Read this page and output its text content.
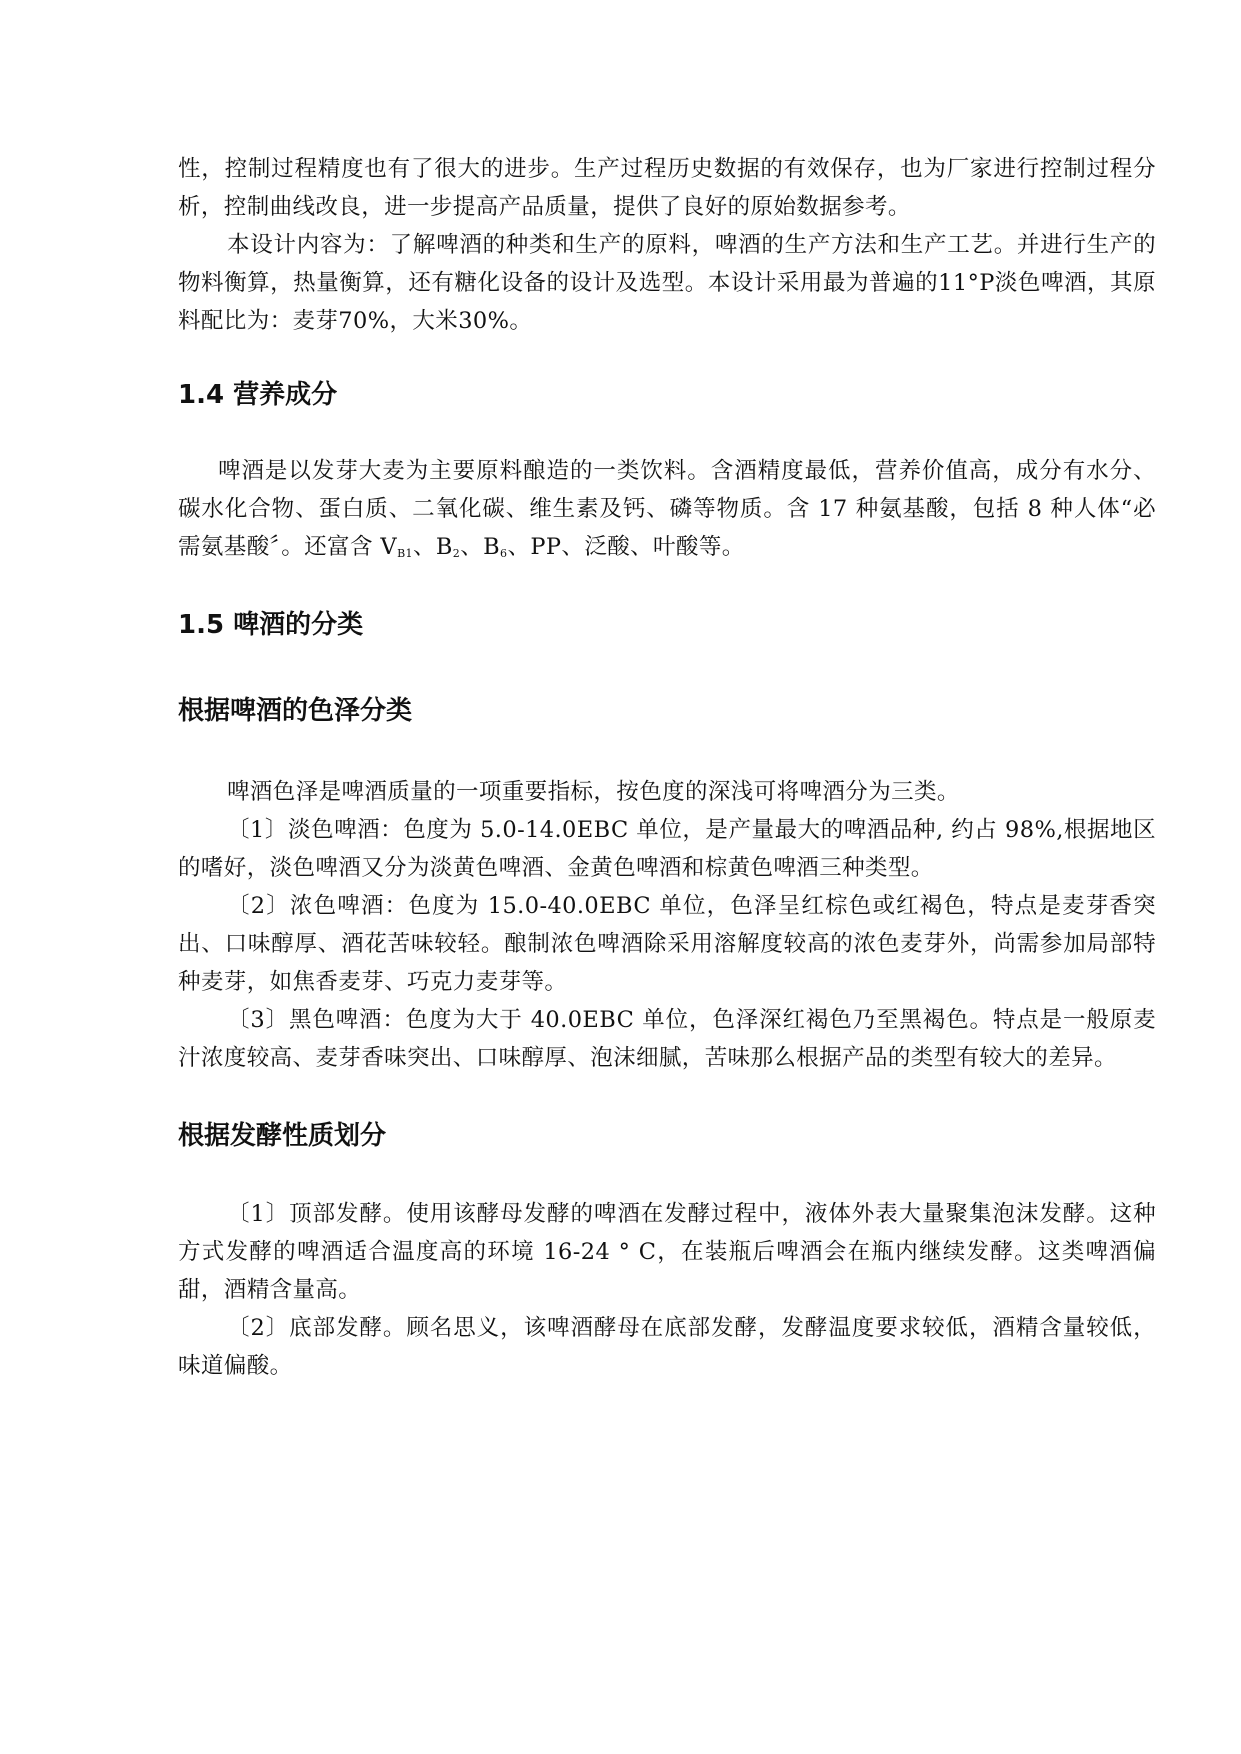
性，控制过程精度也有了很大的进步。生产过程历史数据的有效保存，也为厂家进行控制过程分析，控制曲线改良，进一步提高产品质量，提供了良好的原始数据参考。

本设计内容为：了解啤酒的种类和生产的原料，啤酒的生产方法和生产工艺。并进行生产的物料衡算，热量衡算，还有糖化设备的设计及选型。本设计采用最为普遍的11°P淡色啤酒，其原料配比为：麦芽70%，大米30%。

1.4 营养成分

啤酒是以发芽大麦为主要原料酿造的一类饮料。含酒精度最低，营养价值高，成分有水分、碳水化合物、蛋白质、二氧化碳、维生素及钙、磷等物质。含 17 种氨基酸，包括 8 种人体“必需氨基酸〞。还富含 $V_{B1}$、$B_2$、$B_6$、PP、泛酸、叶酸等。

1.5 啤酒的分类
根据啤酒的色泽分类

啤酒色泽是啤酒质量的一项重要指标，按色度的深浅可将啤酒分为三类。

〔1〕淡色啤酒：色度为 5.0-14.0EBC 单位，是产量最大的啤酒品种, 约占 98%,根据地区的嗜好，淡色啤酒又分为淡黄色啤酒、金黄色啤酒和棕黄色啤酒三种类型。

〔2〕浓色啤酒：色度为 15.0-40.0EBC 单位，色泽呈红棕色或红褐色，特点是麦芽香突出、口味醇厚、酒花苦味较轻。酿制浓色啤酒除采用溶解度较高的浓色麦芽外，尚需参加局部特种麦芽，如焦香麦芽、巧克力麦芽等。

〔3〕黑色啤酒：色度为大于 40.0EBC 单位，色泽深红褐色乃至黑褐色。特点是一般原麦汁浓度较高、麦芽香味突出、口味醇厚、泡沫细腻，苦味那么根据产品的类型有较大的差异。

根据发酵性质划分

〔1〕顶部发酵。使用该酵母发酵的啤酒在发酵过程中，液体外表大量聚集泡沫发酵。这种方式发酵的啤酒适合温度高的环境 16-24 ° C，在装瓶后啤酒会在瓶内继续发酵。这类啤酒偏甜，酒精含量高。

〔2〕底部发酵。顾名思义，该啤酒酵母在底部发酵，发酵温度要求较低，酒精含量较低，味道偏酸。
